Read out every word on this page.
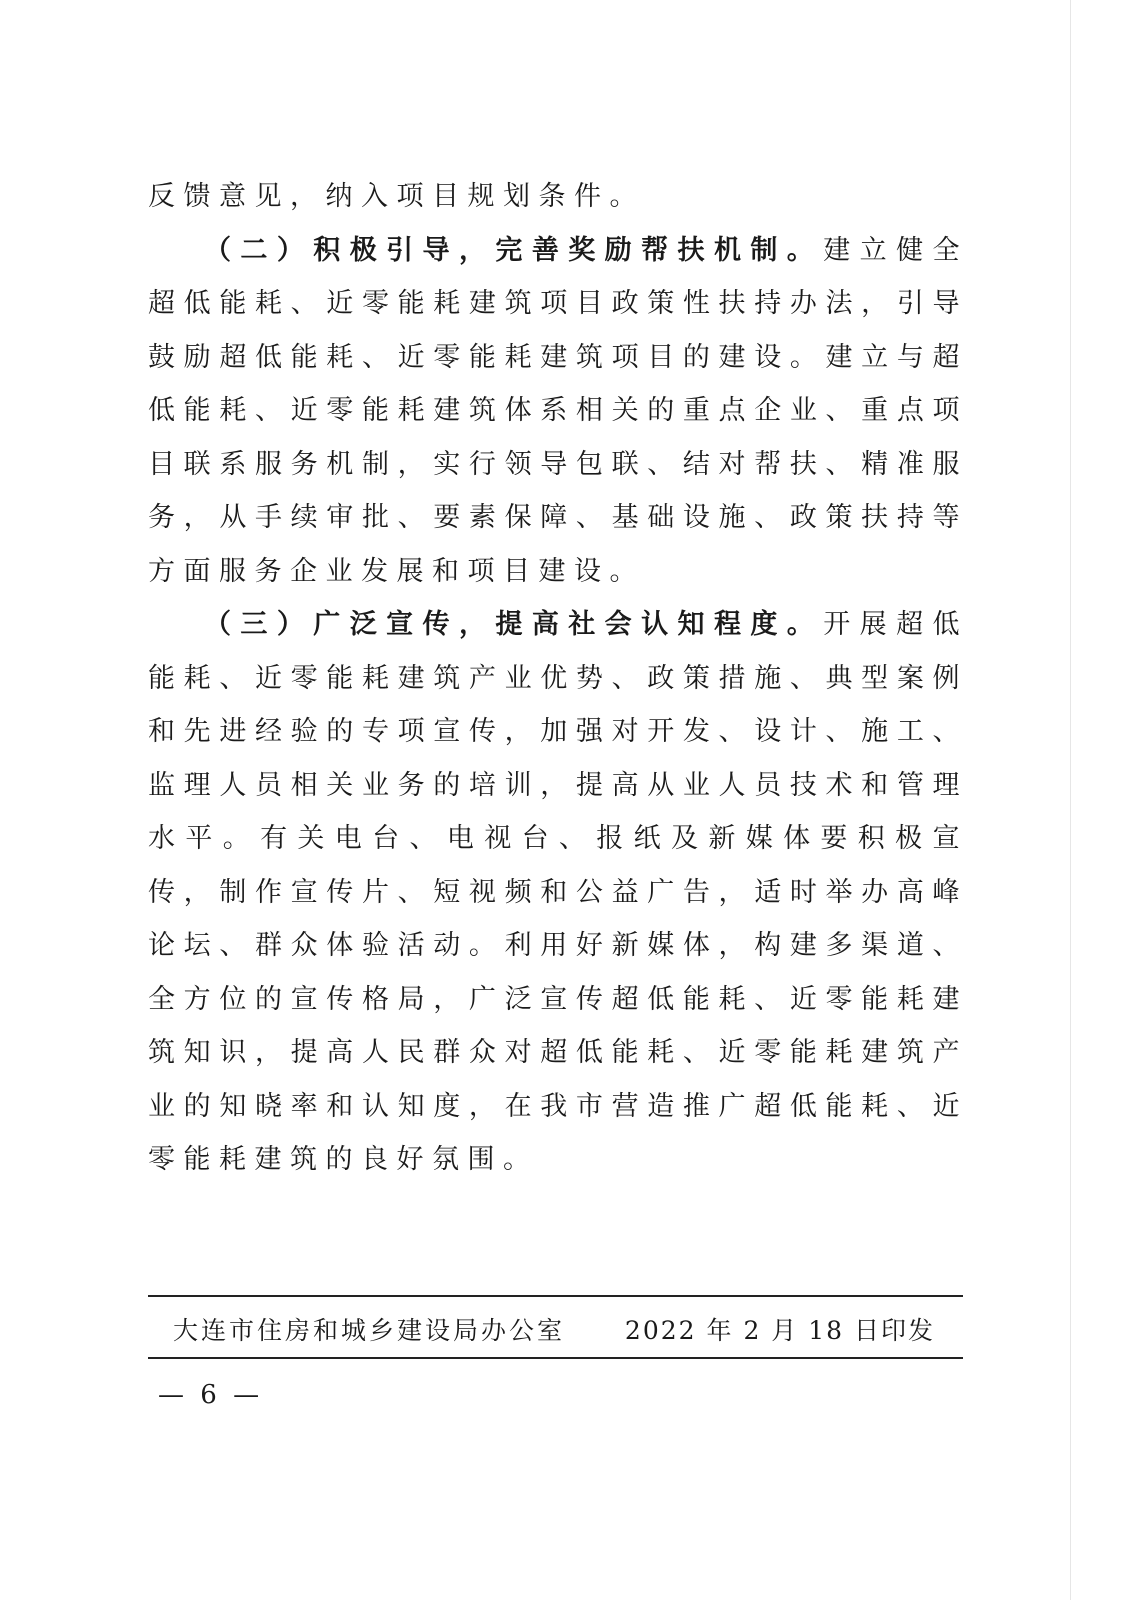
反馈意见，纳入项目规划条件。

（二）积极引导，完善奖励帮扶机制。建立健全超低能耗、近零能耗建筑项目政策性扶持办法，引导鼓励超低能耗、近零能耗建筑项目的建设。建立与超低能耗、近零能耗建筑体系相关的重点企业、重点项目联系服务机制，实行领导包联、结对帮扶、精准服务，从手续审批、要素保障、基础设施、政策扶持等方面服务企业发展和项目建设。

（三）广泛宣传，提高社会认知程度。开展超低能耗、近零能耗建筑产业优势、政策措施、典型案例和先进经验的专项宣传，加强对开发、设计、施工、监理人员相关业务的培训，提高从业人员技术和管理水平。有关电台、电视台、报纸及新媒体要积极宣传，制作宣传片、短视频和公益广告，适时举办高峰论坛、群众体验活动。利用好新媒体，构建多渠道、全方位的宣传格局，广泛宣传超低能耗、近零能耗建筑知识，提高人民群众对超低能耗、近零能耗建筑产业的知晓率和认知度，在我市营造推广超低能耗、近零能耗建筑的良好氛围。

大连市住房和城乡建设局办公室 2022 年 2 月 18 日印发
— 6 —
